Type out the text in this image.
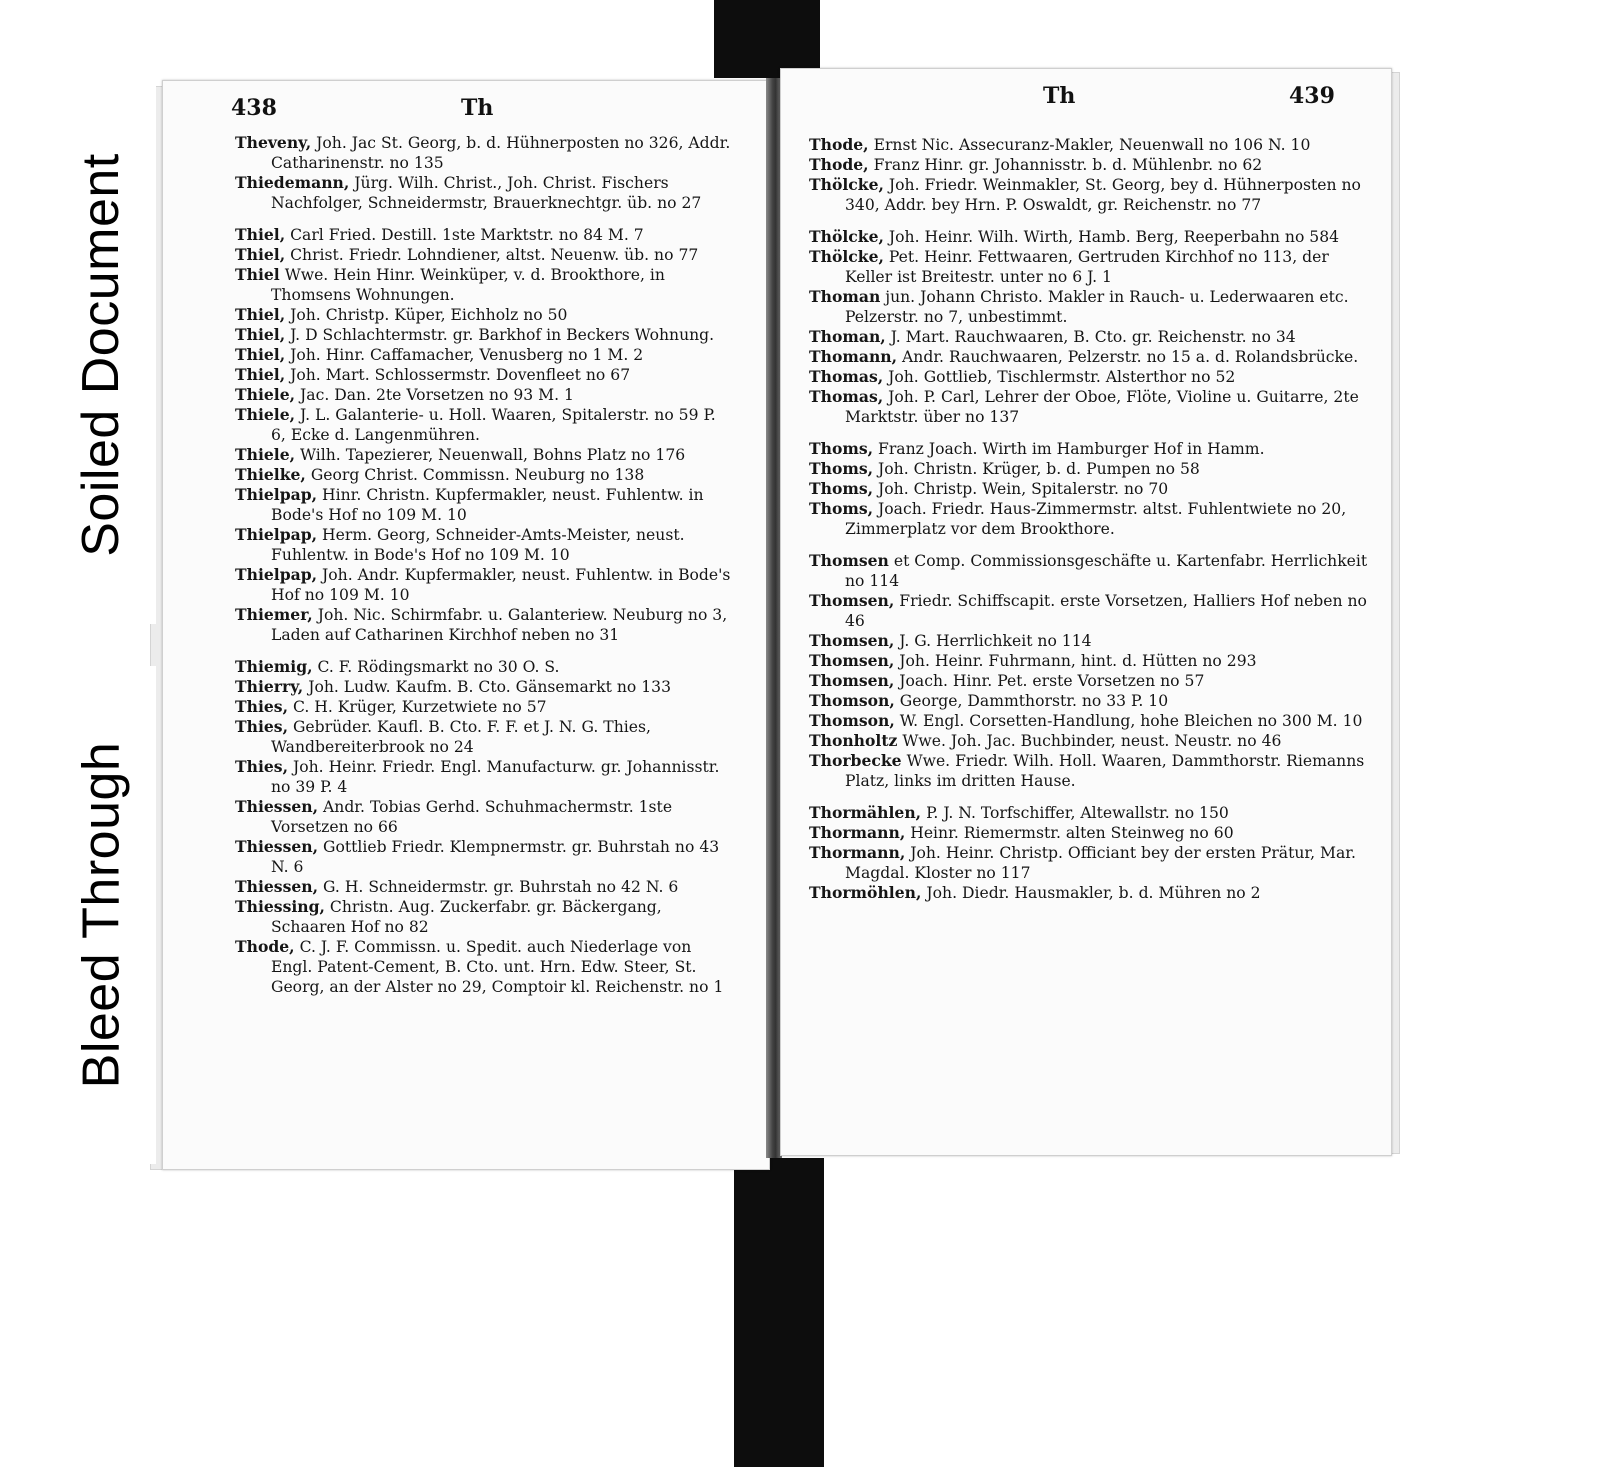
438	Th

Theveny, Joh. Jac St. Georg, b. d. Hühnerposten no 326, Addr. Catharinenstr. no 135

Thiedemann, Jürg. Wilh. Christ., Joh. Christ. Fischers Nachfolger, Schneidermstr, Brauerknechtgr. üb. no 27

Thiel, Carl Fried. Destill. 1ste Marktstr. no 84 M. 7

Thiel, Christ. Friedr. Lohndiener, altst. Neuenw. üb. no 77

Thiel Wwe. Hein Hinr. Weinküper, v. d. Brookthore, in Thomsens Wohnungen.

Thiel, Joh. Christp. Küper, Eichholz no 50

Thiel, J. D Schlachtermstr. gr. Barkhof in Beckers Wohnung.

Thiel, Joh. Hinr. Caffamacher, Venusberg no 1 M. 2

Thiel, Joh. Mart. Schlossermstr. Dovenfleet no 67

Thiele, Jac. Dan. 2te Vorsetzen no 93 M. 1

Thiele, J. L. Galanterie- u. Holl. Waaren, Spitalerstr. no 59 P. 6, Ecke d. Langenmühren.

Thiele, Wilh. Tapezierer, Neuenwall, Bohns Platz no 176

Thielke, Georg Christ. Commissn. Neuburg no 138

Thielpap, Hinr. Christn. Kupfermakler, neust. Fuhlentw. in Bode's Hof no 109 M. 10

Thielpap, Herm. Georg, Schneider-Amts-Meister, neust. Fuhlentw. in Bode's Hof no 109 M. 10

Thielpap, Joh. Andr. Kupfermakler, neust. Fuhlentw. in Bode's Hof no 109 M. 10

Thiemer, Joh. Nic. Schirmfabr. u. Galanteriew. Neuburg no 3, Laden auf Catharinen Kirchhof neben no 31

Thiemig, C. F. Rödingsmarkt no 30 O. S.

Thierry, Joh. Ludw. Kaufm. B. Cto. Gänsemarkt no 133

Thies, C. H. Krüger, Kurzetwiete no 57

Thies, Gebrüder. Kaufl. B. Cto. F. F. et J. N. G. Thies, Wandbereiterbrook no 24

Thies, Joh. Heinr. Friedr. Engl. Manufacturw. gr. Johannisstr. no 39 P. 4

Thiessen, Andr. Tobias Gerhd. Schuhmachermstr. 1ste Vorsetzen no 66

Thiessen, Gottlieb Friedr. Klempnermstr. gr. Buhrstah no 43 N. 6

Thiessen, G. H. Schneidermstr. gr. Buhrstah no 42 N. 6

Thiessing, Christn. Aug. Zuckerfabr. gr. Bäckergang, Schaaren Hof no 82

Thode, C. J. F. Commissn. u. Spedit. auch Niederlage von Engl. Patent-Cement, B. Cto. unt. Hrn. Edw. Steer, St. Georg, an der Alster no 29, Comptoir kl. Reichenstr. no 1

Th	439

Thode, Ernst Nic. Assecuranz-Makler, Neuenwall no 106 N. 10

Thode, Franz Hinr. gr. Johannisstr. b. d. Mühlenbr. no 62

Thölcke, Joh. Friedr. Weinmakler, St. Georg, bey d. Hühnerposten no 340, Addr. bey Hrn. P. Oswaldt, gr. Reichenstr. no 77

Thölcke, Joh. Heinr. Wilh. Wirth, Hamb. Berg, Reeperbahn no 584

Thölcke, Pet. Heinr. Fettwaaren, Gertruden Kirchhof no 113, der Keller ist Breitestr. unter no 6 J. 1

Thoman jun. Johann Christo. Makler in Rauch- u. Lederwaaren etc. Pelzerstr. no 7, unbestimmt.

Thoman, J. Mart. Rauchwaaren, B. Cto. gr. Reichenstr. no 34

Thomann, Andr. Rauchwaaren, Pelzerstr. no 15 a. d. Rolandsbrücke.

Thomas, Joh. Gottlieb, Tischlermstr. Alsterthor no 52

Thomas, Joh. P. Carl, Lehrer der Oboe, Flöte, Violine u. Guitarre, 2te Marktstr. über no 137

Thoms, Franz Joach. Wirth im Hamburger Hof in Hamm.

Thoms, Joh. Christn. Krüger, b. d. Pumpen no 58

Thoms, Joh. Christp. Wein, Spitalerstr. no 70

Thoms, Joach. Friedr. Haus-Zimmermstr. altst. Fuhlentwiete no 20, Zimmerplatz vor dem Brookthore.

Thomsen et Comp. Commissionsgeschäfte u. Kartenfabr. Herrlichkeit no 114

Thomsen, Friedr. Schiffscapit. erste Vorsetzen, Halliers Hof neben no 46

Thomsen, J. G. Herrlichkeit no 114

Thomsen, Joh. Heinr. Fuhrmann, hint. d. Hütten no 293

Thomsen, Joach. Hinr. Pet. erste Vorsetzen no 57

Thomson, George, Dammthorstr. no 33 P. 10

Thomson, W. Engl. Corsetten-Handlung, hohe Bleichen no 300 M. 10

Thonholtz Wwe. Joh. Jac. Buchbinder, neust. Neustr. no 46

Thorbecke Wwe. Friedr. Wilh. Holl. Waaren, Dammthorstr. Riemanns Platz, links im dritten Hause.

Thormählen, P. J. N. Torfschiffer, Altewallstr. no 150

Thormann, Heinr. Riemermstr. alten Steinweg no 60

Thormann, Joh. Heinr. Christp. Officiant bey der ersten Prätur, Mar. Magdal. Kloster no 117

Thormöhlen, Joh. Diedr. Hausmakler, b. d. Mühren no 2

Soiled Document
Bleed Through
